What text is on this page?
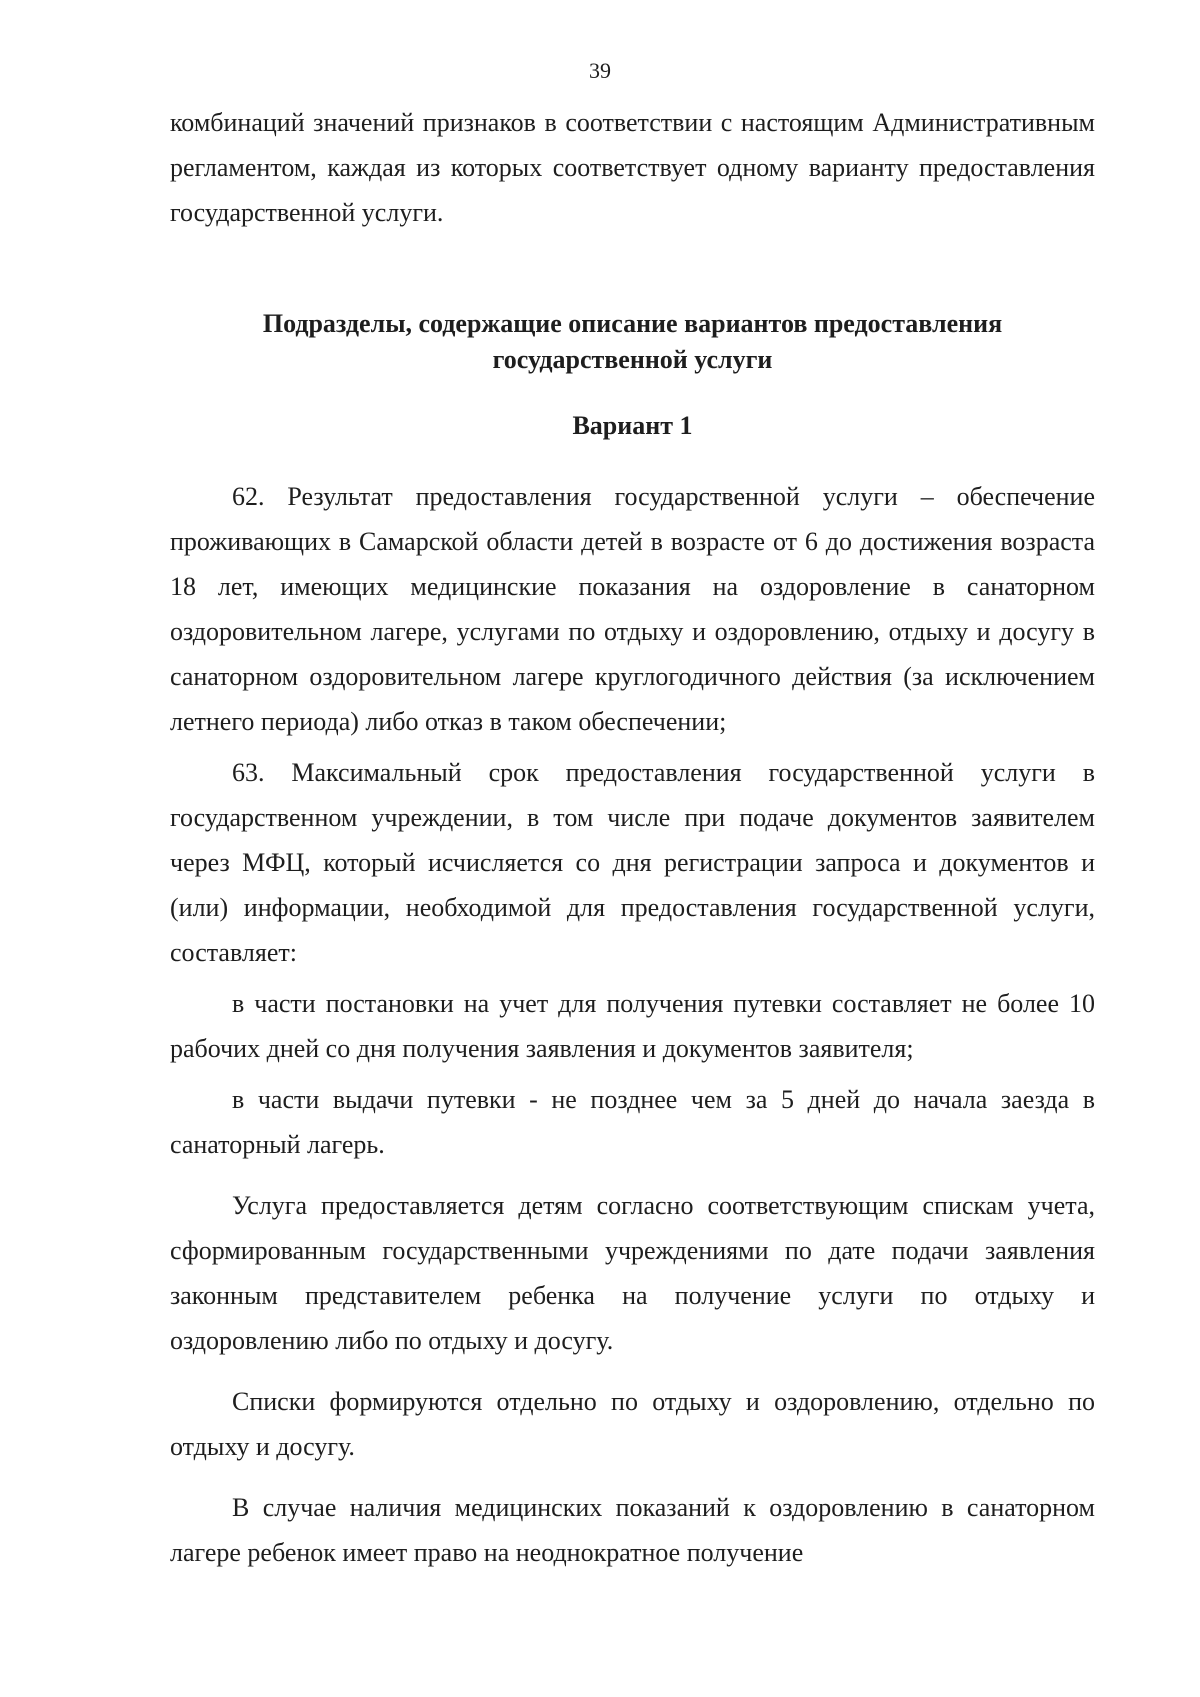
39

комбинаций значений признаков в соответствии с настоящим Административным регламентом, каждая из которых соответствует одному варианту предоставления государственной услуги.

Подразделы, содержащие описание вариантов предоставления государственной услуги
Вариант 1

62. Результат предоставления государственной услуги – обеспечение проживающих в Самарской области детей в возрасте от 6 до достижения возраста 18 лет, имеющих медицинские показания на оздоровление в санаторном оздоровительном лагере, услугами по отдыху и оздоровлению, отдыху и досугу в санаторном оздоровительном лагере круглогодичного действия (за исключением летнего периода) либо отказ в таком обеспечении;

63. Максимальный срок предоставления государственной услуги в государственном учреждении, в том числе при подаче документов заявителем через МФЦ, который исчисляется со дня регистрации запроса и документов и (или) информации, необходимой для предоставления государственной услуги, составляет:

в части постановки на учет для получения путевки составляет не более 10 рабочих дней со дня получения заявления и документов заявителя;

в части выдачи путевки - не позднее чем за 5 дней до начала заезда в санаторный лагерь.

Услуга предоставляется детям согласно соответствующим спискам учета, сформированным государственными учреждениями по дате подачи заявления законным представителем ребенка на получение услуги по отдыху и оздоровлению либо по отдыху и досугу.

Списки формируются отдельно по отдыху и оздоровлению, отдельно по отдыху и досугу.

В случае наличия медицинских показаний к оздоровлению в санаторном лагере ребенок имеет право на неоднократное получение
